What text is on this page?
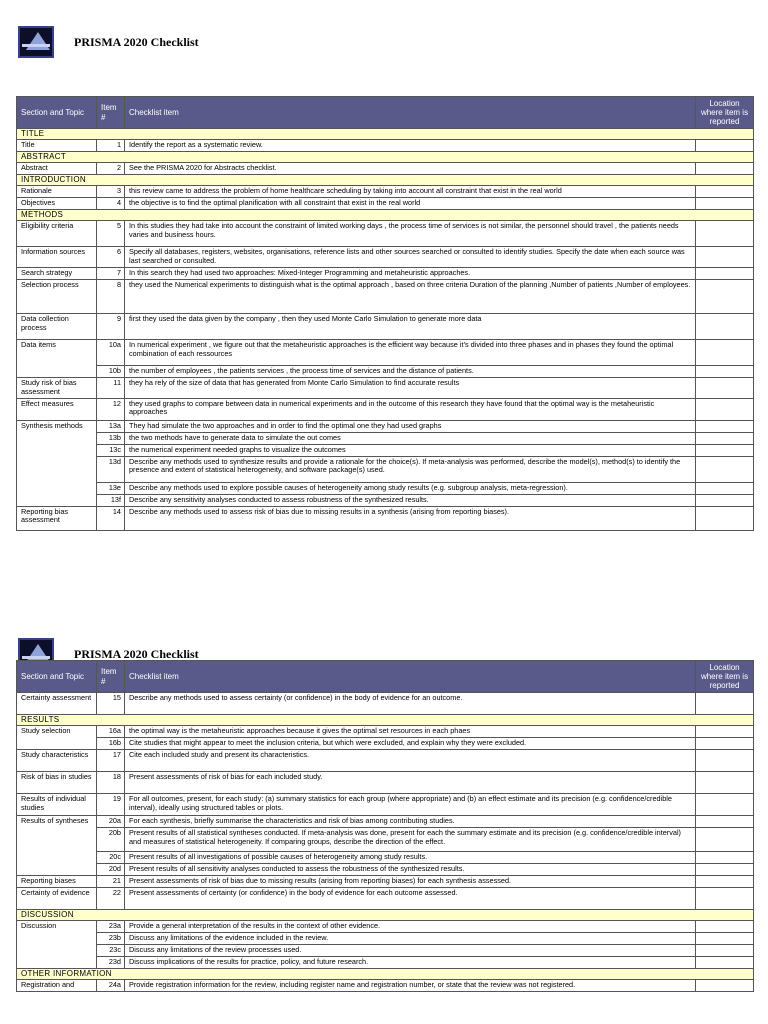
PRISMA 2020 Checklist
Section and Topic	Item #	Checklist item	Location where item is reported
TITLE			
Title	1	Identify the report as a systematic review.	
ABSTRACT			
Abstract	2	See the PRISMA 2020 for Abstracts checklist.	
INTRODUCTION			
Rationale	3	this review came to address the problem of home healthcare scheduling by taking into account all constraint that exist in the real world	
Objectives	4	the objective is to find the optimal planification with all constraint that exist in the real world	
METHODS			
Eligibility criteria	5	In this studies they had take into account the constraint of limited working days , the process time of services is not similar, the personnel should travel , the patients needs varies and business hours.	
Information sources	6	Specify all databases, registers, websites, organisations, reference lists and other sources searched or consulted to identify studies. Specify the date when each source was last searched or consulted.	
Search strategy	7	In this search they had used two approaches: Mixed-Integer Programming and metaheuristic approaches.	
Selection process	8	they used the Numerical experiments to distinguish what is the optimal approach , based on three criteria Duration of the planning ,Number of patients ,Number of employees.	
Data collection process	9	first they used the data given by the company , then they used Monte Carlo Simulation to generate more data	
Data items	10a	In numerical experiment , we figure out that the metaheuristic approaches is the efficient way because it’s divided into three phases and in phases they found the optimal combination of each ressources	
	10b	the number of employees , the patients services , the process time of services and the distance of patients.	
Study risk of bias assessment	11	they ha rely of the size of data that has generated from Monte Carlo Simulation to find accurate results	
Effect measures	12	they used graphs to compare between data in numerical experiments and in the outcome of this research they have found that the optimal way is the metaheuristic approaches	
Synthesis methods	13a	They had simulate the two approaches and in order to find the optimal one they had used graphs	
	13b	the two methods have to generate data to simulate the out comes	
	13c	the numerical experiment needed graphs to visualize the outcomes	
	13d	Describe any methods used to synthesize results and provide a rationale for the choice(s). If meta-analysis was performed, describe the model(s), method(s) to identify the presence and extent of statistical heterogeneity, and software package(s) used.	
	13e	Describe any methods used to explore possible causes of heterogeneity among study results (e.g. subgroup analysis, meta-regression).	
	13f	Describe any sensitivity analyses conducted to assess robustness of the synthesized results.	
Reporting bias assessment	14	Describe any methods used to assess risk of bias due to missing results in a synthesis (arising from reporting biases).	
PRISMA 2020 Checklist
Section and Topic	Item #	Checklist item	Location where item is reported
Certainty assessment	15	Describe any methods used to assess certainty (or confidence) in the body of evidence for an outcome.	
RESULTS			
Study selection	16a	the optimal way is the metaheuristic approaches because it gives the optimal set resources in each phaes	
	16b	Cite studies that might appear to meet the inclusion criteria, but which were excluded, and explain why they were excluded.	
Study characteristics	17	Cite each included study and present its characteristics.	
Risk of bias in studies	18	Present assessments of risk of bias for each included study.	
Results of individual studies	19	For all outcomes, present, for each study: (a) summary statistics for each group (where appropriate) and (b) an effect estimate and its precision (e.g. confidence/credible interval), ideally using structured tables or plots.	
Results of syntheses	20a	For each synthesis, briefly summarise the characteristics and risk of bias among contributing studies.	
	20b	Present results of all statistical syntheses conducted. If meta-analysis was done, present for each the summary estimate and its precision (e.g. confidence/credible interval) and measures of statistical heterogeneity. If comparing groups, describe the direction of the effect.	
	20c	Present results of all investigations of possible causes of heterogeneity among study results.	
	20d	Present results of all sensitivity analyses conducted to assess the robustness of the synthesized results.	
Reporting biases	21	Present assessments of risk of bias due to missing results (arising from reporting biases) for each synthesis assessed.	
Certainty of evidence	22	Present assessments of certainty (or confidence) in the body of evidence for each outcome assessed.	
DISCUSSION			
Discussion	23a	Provide a general interpretation of the results in the context of other evidence.	
	23b	Discuss any limitations of the evidence included in the review.	
	23c	Discuss any limitations of the review processes used.	
	23d	Discuss implications of the results for practice, policy, and future research.	
OTHER INFORMATION			
Registration and	24a	Provide registration information for the review, including register name and registration number, or state that the review was not registered.	
